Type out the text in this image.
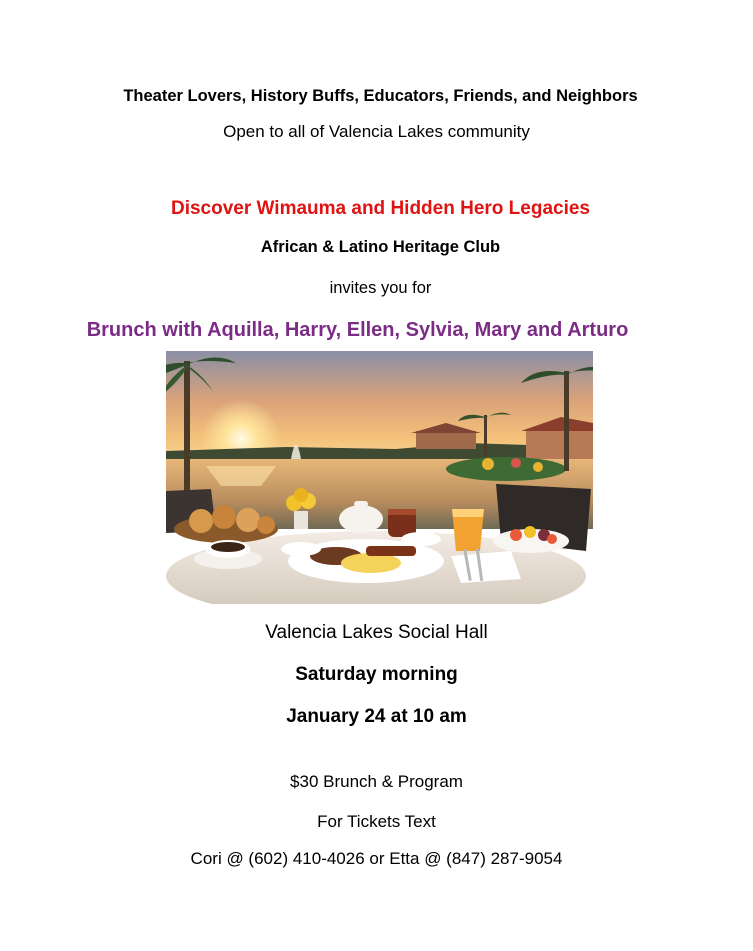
Theater Lovers, History Buffs, Educators, Friends, and Neighbors
Open to all of Valencia Lakes community
Discover Wimauma and Hidden Hero Legacies
African & Latino Heritage Club
invites you for
Brunch with Aquilla, Harry, Ellen, Sylvia, Mary and Arturo
Valencia Lakes Social Hall
Saturday morning
January 24 at 10 am
$30 Brunch & Program
For Tickets Text
Cori @ (602) 410-4026 or Etta @ (847) 287-9054
